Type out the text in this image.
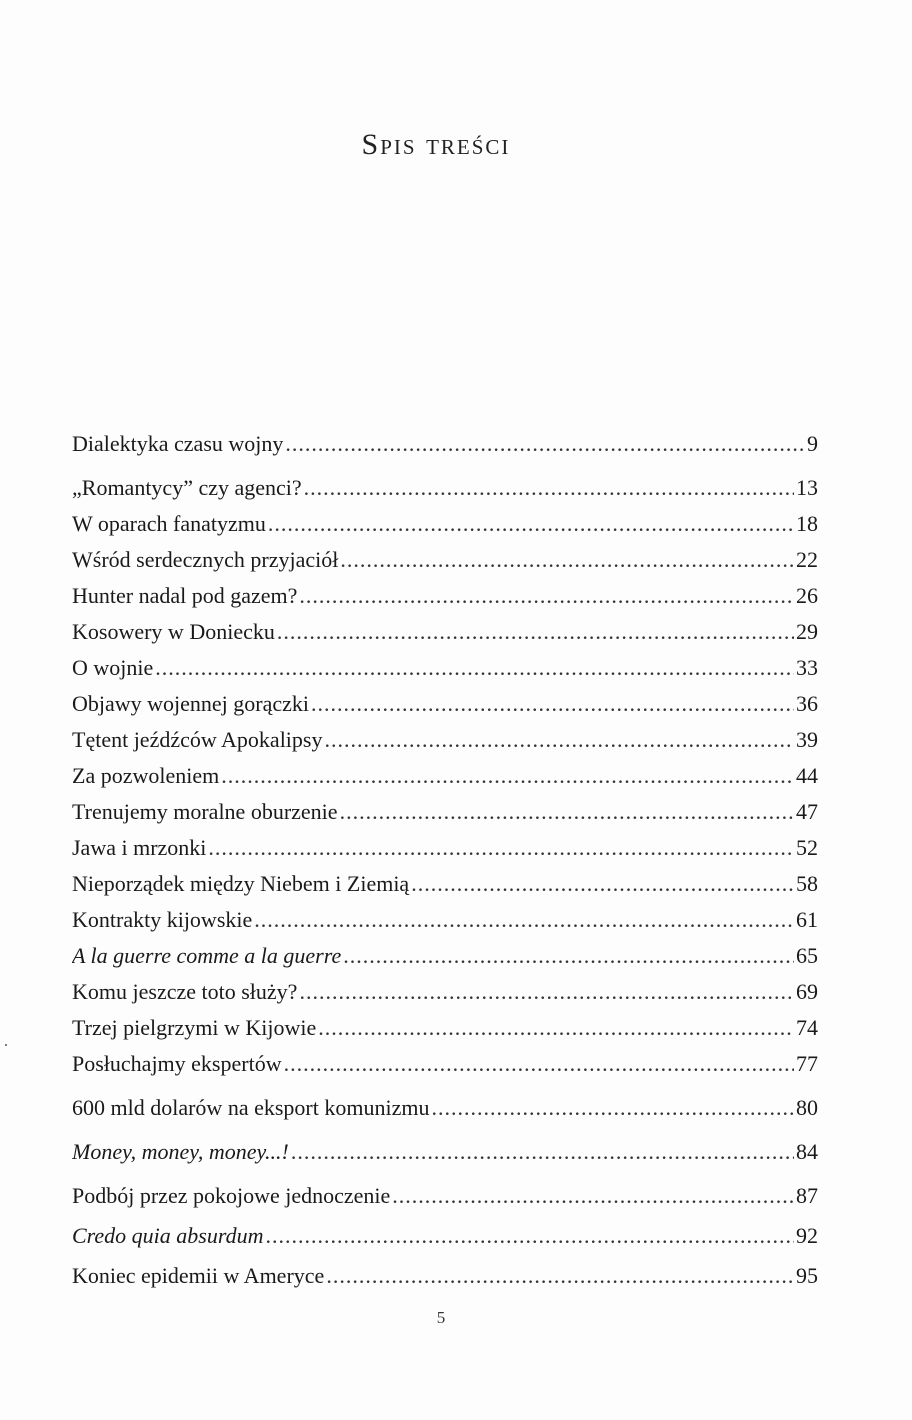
Spis treści
Dialektyka czasu wojny .....	9
„Romantycy” czy agenci? .....	13
W oparach fanatyzmu .....	18
Wśród serdecznych przyjaciół .....	22
Hunter nadal pod gazem? .....	26
Kosowery w Doniecku .....	29
O wojnie .....	33
Objawy wojennej gorączki .....	36
Tętent jeźdźców Apokalipsy .....	39
Za pozwoleniem .....	44
Trenujemy moralne oburzenie .....	47
Jawa i mrzonki .....	52
Nieporządek między Niebem i Ziemią .....	58
Kontrakty kijowskie .....	61
A la guerre comme a la guerre .....	65
Komu jeszcze toto służy? .....	69
Trzej pielgrzymi w Kijowie .....	74
Posłuchajmy ekspertów .....	77
600 mld dolarów na eksport komunizmu .....	80
Money, money, money...! .....	84
Podbój przez pokojowe jednoczenie .....	87
Credo quia absurdum .....	92
Koniec epidemii w Ameryce .....	95
5
